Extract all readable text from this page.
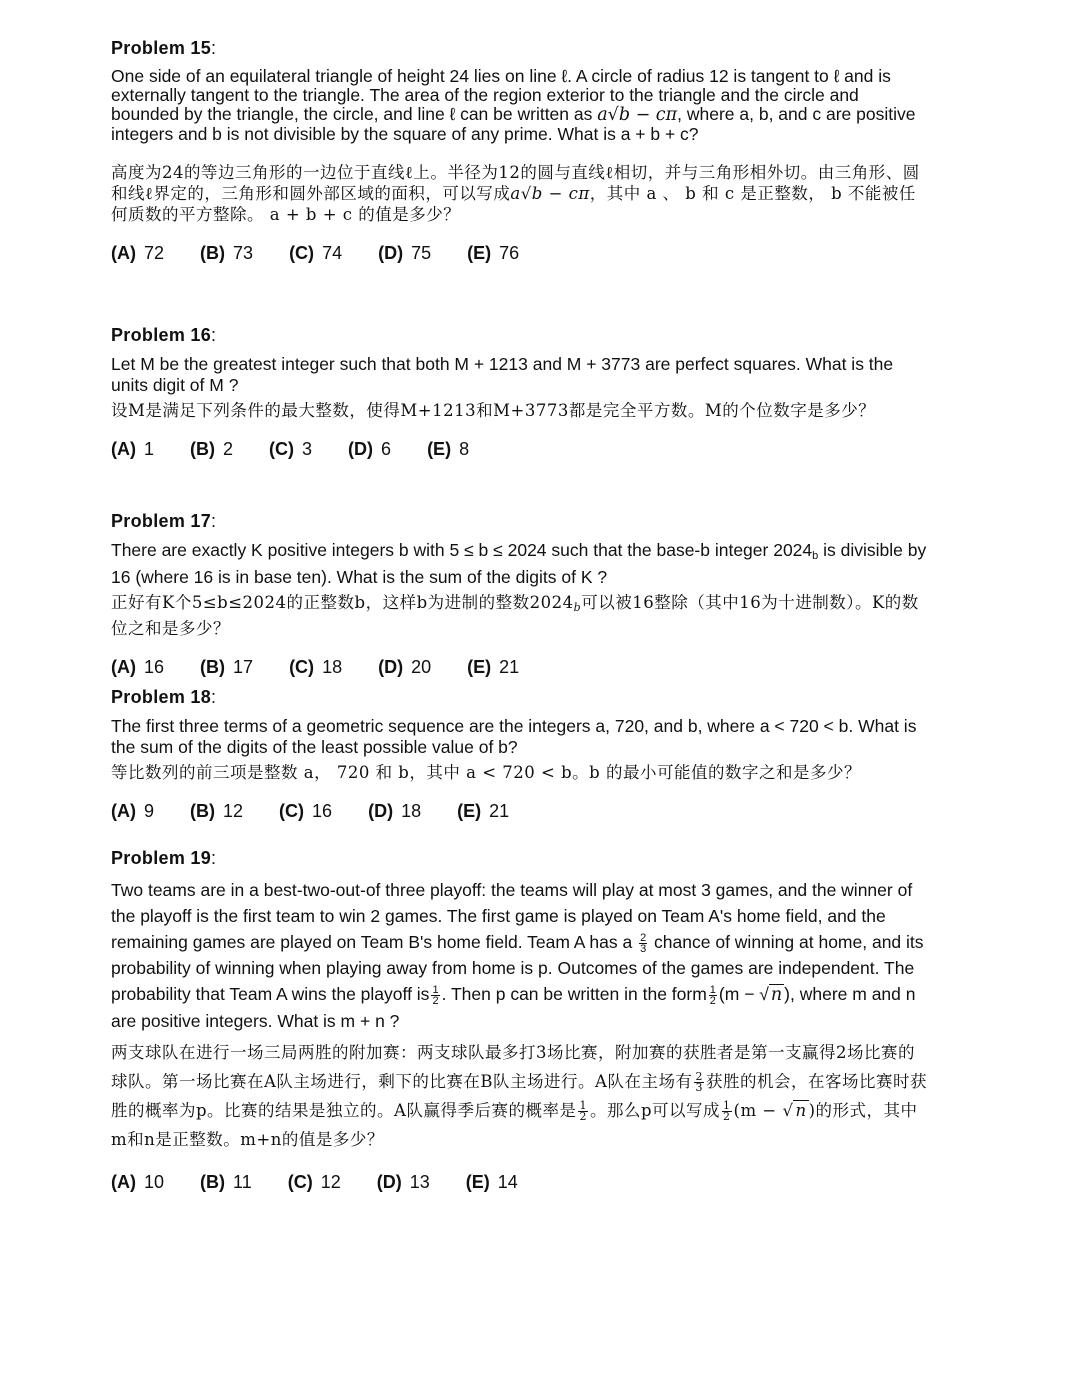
Problem 15:
One side of an equilateral triangle of height 24 lies on line ℓ. A circle of radius 12 is tangent to ℓ and is externally tangent to the triangle. The area of the region exterior to the triangle and the circle and bounded by the triangle, the circle, and line ℓ can be written as a√b − cπ, where a, b, and c are positive integers and b is not divisible by the square of any prime. What is a + b + c?
高度为24的等边三角形的一边位于直线ℓ上。半径为12的圆与直线ℓ相切，并与三角形相外切。由三角形、圆和线ℓ界定的，三角形和圆外部区域的面积，可以写成a√b − cπ，其中 a 、 b 和 c 是正整数， b 不能被任何质数的平方整除。 a + b + c 的值是多少？
(A) 72 (B) 73 (C) 74 (D) 75 (E) 76
Problem 16:
Let M be the greatest integer such that both M + 1213 and M + 3773 are perfect squares. What is the units digit of M ?
设M是满足下列条件的最大整数，使得M+1213和M+3773都是完全平方数。M的个位数字是多少？
(A) 1 (B) 2 (C) 3 (D) 6 (E) 8
Problem 17:
There are exactly K positive integers b with 5 ≤ b ≤ 2024 such that the base-b integer $2024_b$ is divisible by 16 (where 16 is in base ten). What is the sum of the digits of K ?
正好有K个5≤b≤2024的正整数b，这样b为进制的整数$2024_b$可以被16整除（其中16为十进制数）。K的数位之和是多少？
(A) 16 (B) 17 (C) 18 (D) 20 (E) 21
Problem 18:
The first three terms of a geometric sequence are the integers a, 720, and b, where a < 720 < b. What is the sum of the digits of the least possible value of b?
等比数列的前三项是整数 a， 720 和 b，其中 a < 720 < b。b 的最小可能值的数字之和是多少？
(A) 9 (B) 12 (C) 16 (D) 18 (E) 21
Problem 19:
Two teams are in a best-two-out-of three playoff: the teams will play at most 3 games, and the winner of the playoff is the first team to win 2 games. The first game is played on Team A's home field, and the remaining games are played on Team B's home field. Team A has a $\frac{2}{3}$ chance of winning at home, and its probability of winning when playing away from home is p. Outcomes of the games are independent. The probability that Team A wins the playoff is $\frac{1}{2}$ . Then p can be written in the form $\frac{1}{2} (m$ − √ n ), where m and n are positive integers. What is m + n ?
两支球队在进行一场三局两胜的附加赛：两支球队最多打3场比赛，附加赛的获胜者是第一支赢得2场比赛的球队。第一场比赛在A队主场进行，剩下的比赛在B队主场进行。A队在主场有 $\frac{2}{3}$ 获胜的机会，在客场比赛时获胜的概率为p。比赛的结果是独立的。A队赢得季后赛的概率是 $\frac{1}{2}$ 。那么p可以写成 $\frac{1}{2} (m$ − √ n )的形式，其中m和n是正整数。m+n的值是多少？
(A) 10 (B) 11 (C) 12 (D) 13 (E) 14
